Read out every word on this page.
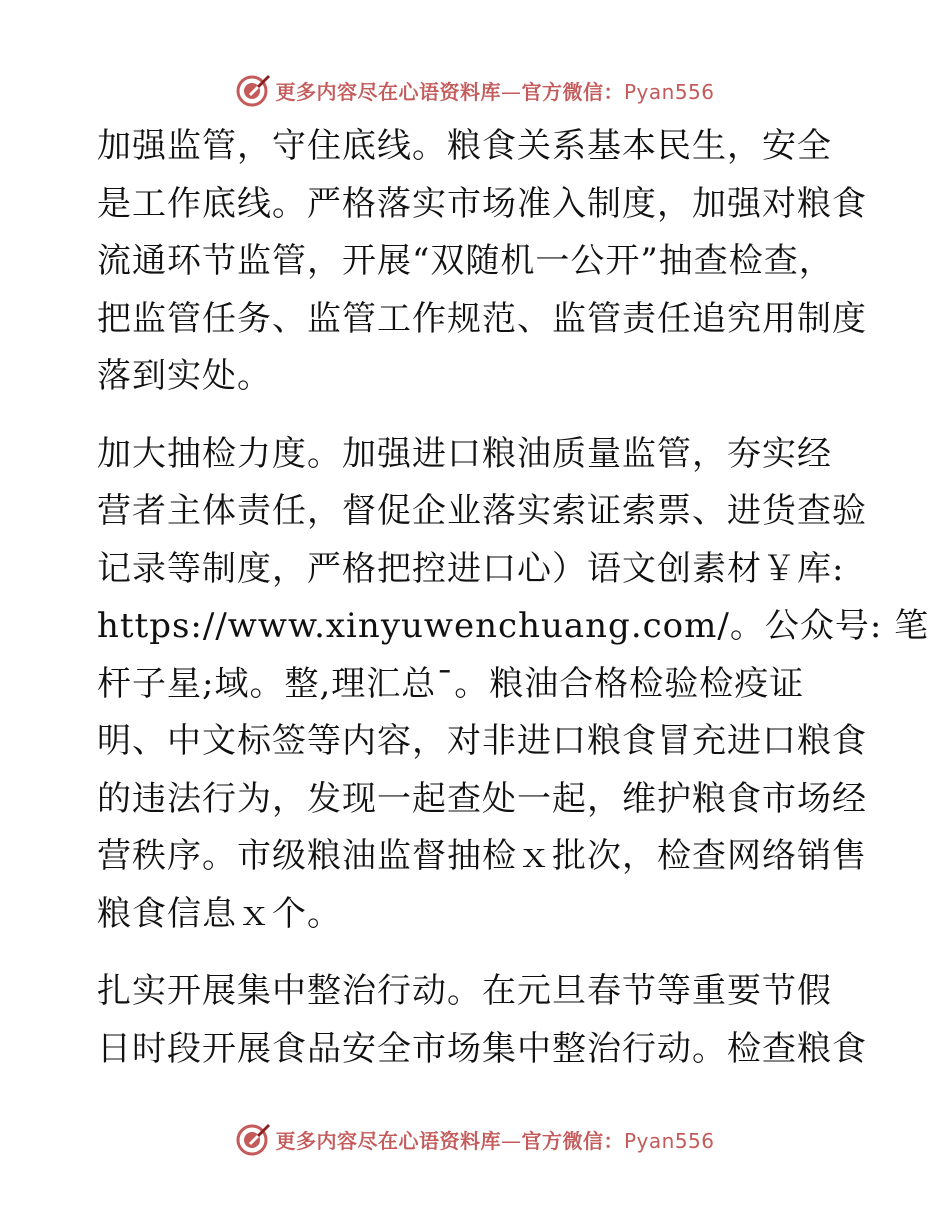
更多内容尽在心语资料库—官方微信：Pyan556
加强监管，守住底线。粮食关系基本民生，安全
是工作底线。严格落实市场准入制度，加强对粮食
流通环节监管，开展“双随机一公开”抽查检查，
把监管任务、监管工作规范、监管责任追究用制度
落到实处。
加大抽检力度。加强进口粮油质量监管，夯实经
营者主体责任，督促企业落实索证索票、进货查验
记录等制度，严格把控进口心）语文创素材￥库:
https://www.xinyuwenchuang.com/。公众号: 笔
杆子星;域。整,理汇总¯。粮油合格检验检疫证
明、中文标签等内容，对非进口粮食冒充进口粮食
的违法行为，发现一起查处一起，维护粮食市场经
营秩序。市级粮油监督抽检ｘ批次，检查网络销售
粮食信息ｘ个。
扎实开展集中整治行动。在元旦春节等重要节假
日时段开展食品安全市场集中整治行动。检查粮食
更多内容尽在心语资料库—官方微信：Pyan556
